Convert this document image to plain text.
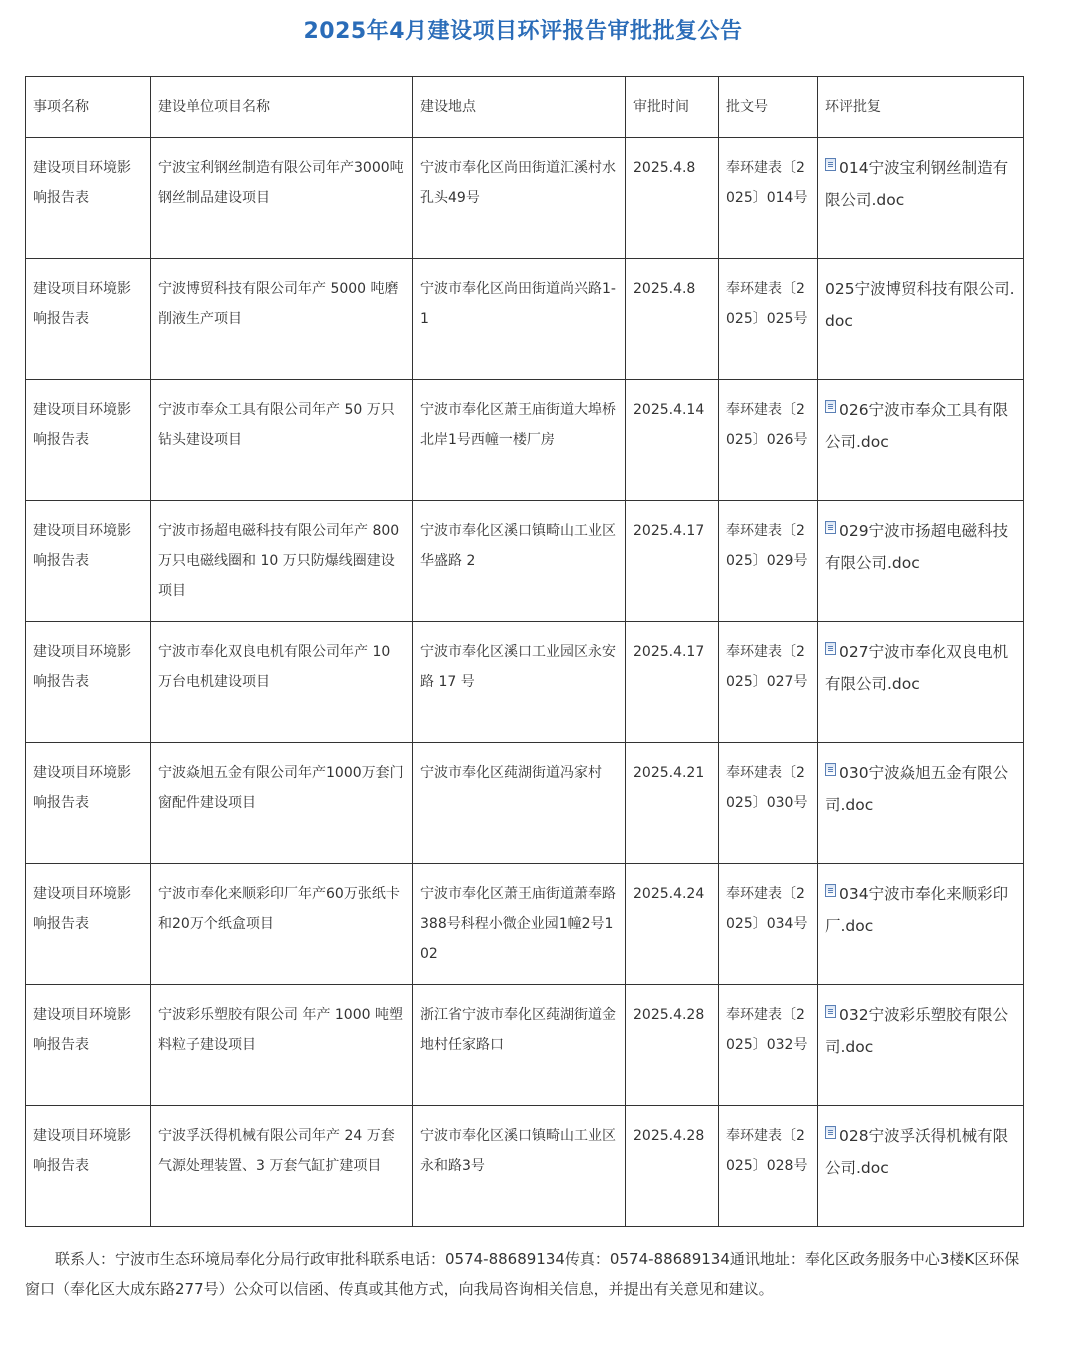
2025年4月建设项目环评报告审批批复公告
事项名称	建设单位项目名称	建设地点	审批时间	批文号	环评批复
建设项目环境影响报告表	宁波宝利钢丝制造有限公司年产3000吨钢丝制品建设项目	宁波市奉化区尚田街道汇溪村水孔头49号	2025.4.8	奉环建表〔2025〕014号	014宁波宝利钢丝制造有限公司.doc
建设项目环境影响报告表	宁波博贸科技有限公司年产 5000 吨磨削液生产项目	宁波市奉化区尚田街道尚兴路1-1	2025.4.8	奉环建表〔2025〕025号	025宁波博贸科技有限公司.doc
建设项目环境影响报告表	宁波市奉众工具有限公司年产 50 万只钻头建设项目	宁波市奉化区萧王庙街道大埠桥北岸1号西幢一楼厂房	2025.4.14	奉环建表〔2025〕026号	026宁波市奉众工具有限公司.doc
建设项目环境影响报告表	宁波市扬超电磁科技有限公司年产 800 万只电磁线圈和 10 万只防爆线圈建设项目	宁波市奉化区溪口镇畸山工业区华盛路 2	2025.4.17	奉环建表〔2025〕029号	029宁波市扬超电磁科技有限公司.doc
建设项目环境影响报告表	宁波市奉化双良电机有限公司年产 10 万台电机建设项目	宁波市奉化区溪口工业园区永安路 17 号	2025.4.17	奉环建表〔2025〕027号	027宁波市奉化双良电机有限公司.doc
建设项目环境影响报告表	宁波焱旭五金有限公司年产1000万套门窗配件建设项目	宁波市奉化区莼湖街道冯家村	2025.4.21	奉环建表〔2025〕030号	030宁波焱旭五金有限公司.doc
建设项目环境影响报告表	宁波市奉化来顺彩印厂年产60万张纸卡和20万个纸盒项目	宁波市奉化区萧王庙街道萧奉路388号科程小微企业园1幢2号102	2025.4.24	奉环建表〔2025〕034号	034宁波市奉化来顺彩印厂.doc
建设项目环境影响报告表	宁波彩乐塑胶有限公司 年产 1000 吨塑料粒子建设项目	浙江省宁波市奉化区莼湖街道金地村任家路口	2025.4.28	奉环建表〔2025〕032号	032宁波彩乐塑胶有限公司.doc
建设项目环境影响报告表	宁波孚沃得机械有限公司年产 24 万套气源处理装置、3 万套气缸扩建项目	宁波市奉化区溪口镇畸山工业区永和路3号	2025.4.28	奉环建表〔2025〕028号	028宁波孚沃得机械有限公司.doc
联系人：宁波市生态环境局奉化分局行政审批科联系电话：0574-88689134传真：0574-88689134通讯地址：奉化区政务服务中心3楼K区环保窗口（奉化区大成东路277号）公众可以信函、传真或其他方式，向我局咨询相关信息，并提出有关意见和建议。
